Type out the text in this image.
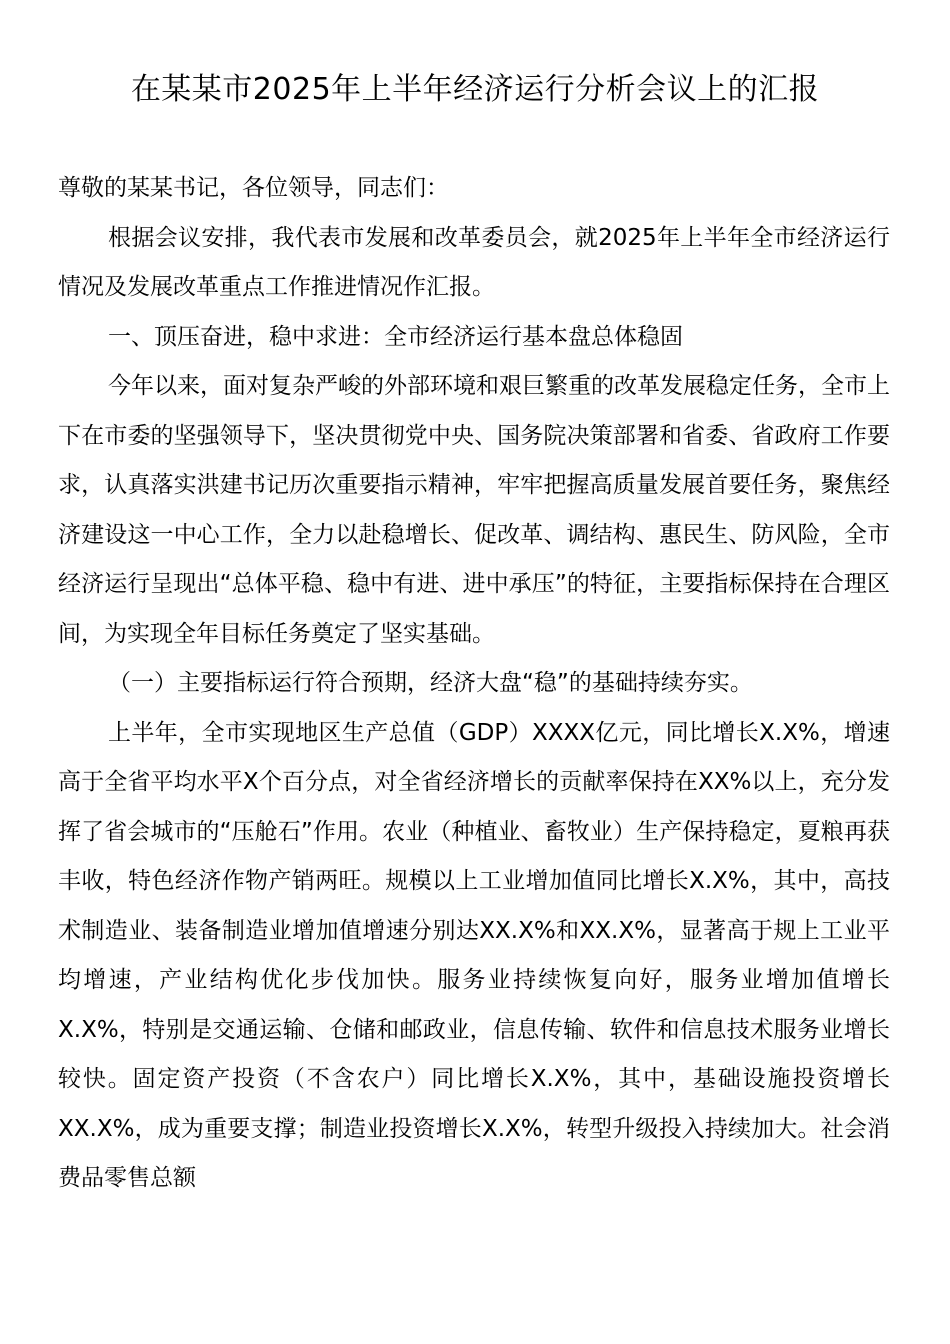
在某某市2025年上半年经济运行分析会议上的汇报

尊敬的某某书记，各位领导，同志们：

根据会议安排，我代表市发展和改革委员会，就2025年上半年全市经济运行情况及发展改革重点工作推进情况作汇报。

一、顶压奋进，稳中求进：全市经济运行基本盘总体稳固

今年以来，面对复杂严峻的外部环境和艰巨繁重的改革发展稳定任务，全市上下在市委的坚强领导下，坚决贯彻党中央、国务院决策部署和省委、省政府工作要求，认真落实洪建书记历次重要指示精神，牢牢把握高质量发展首要任务，聚焦经济建设这一中心工作，全力以赴稳增长、促改革、调结构、惠民生、防风险，全市经济运行呈现出“总体平稳、稳中有进、进中承压”的特征，主要指标保持在合理区间，为实现全年目标任务奠定了坚实基础。

（一）主要指标运行符合预期，经济大盘“稳”的基础持续夯实。

上半年，全市实现地区生产总值（GDP）XXXX亿元，同比增长X.X%，增速高于全省平均水平X个百分点，对全省经济增长的贡献率保持在XX%以上，充分发挥了省会城市的“压舱石”作用。农业（种植业、畜牧业）生产保持稳定，夏粮再获丰收，特色经济作物产销两旺。规模以上工业增加值同比增长X.X%，其中，高技术制造业、装备制造业增加值增速分别达XX.X%和XX.X%，显著高于规上工业平均增速，产业结构优化步伐加快。服务业持续恢复向好，服务业增加值增长X.X%，特别是交通运输、仓储和邮政业，信息传输、软件和信息技术服务业增长较快。固定资产投资（不含农户）同比增长X.X%，其中，基础设施投资增长XX.X%，成为重要支撑；制造业投资增长X.X%，转型升级投入持续加大。社会消费品零售总额
